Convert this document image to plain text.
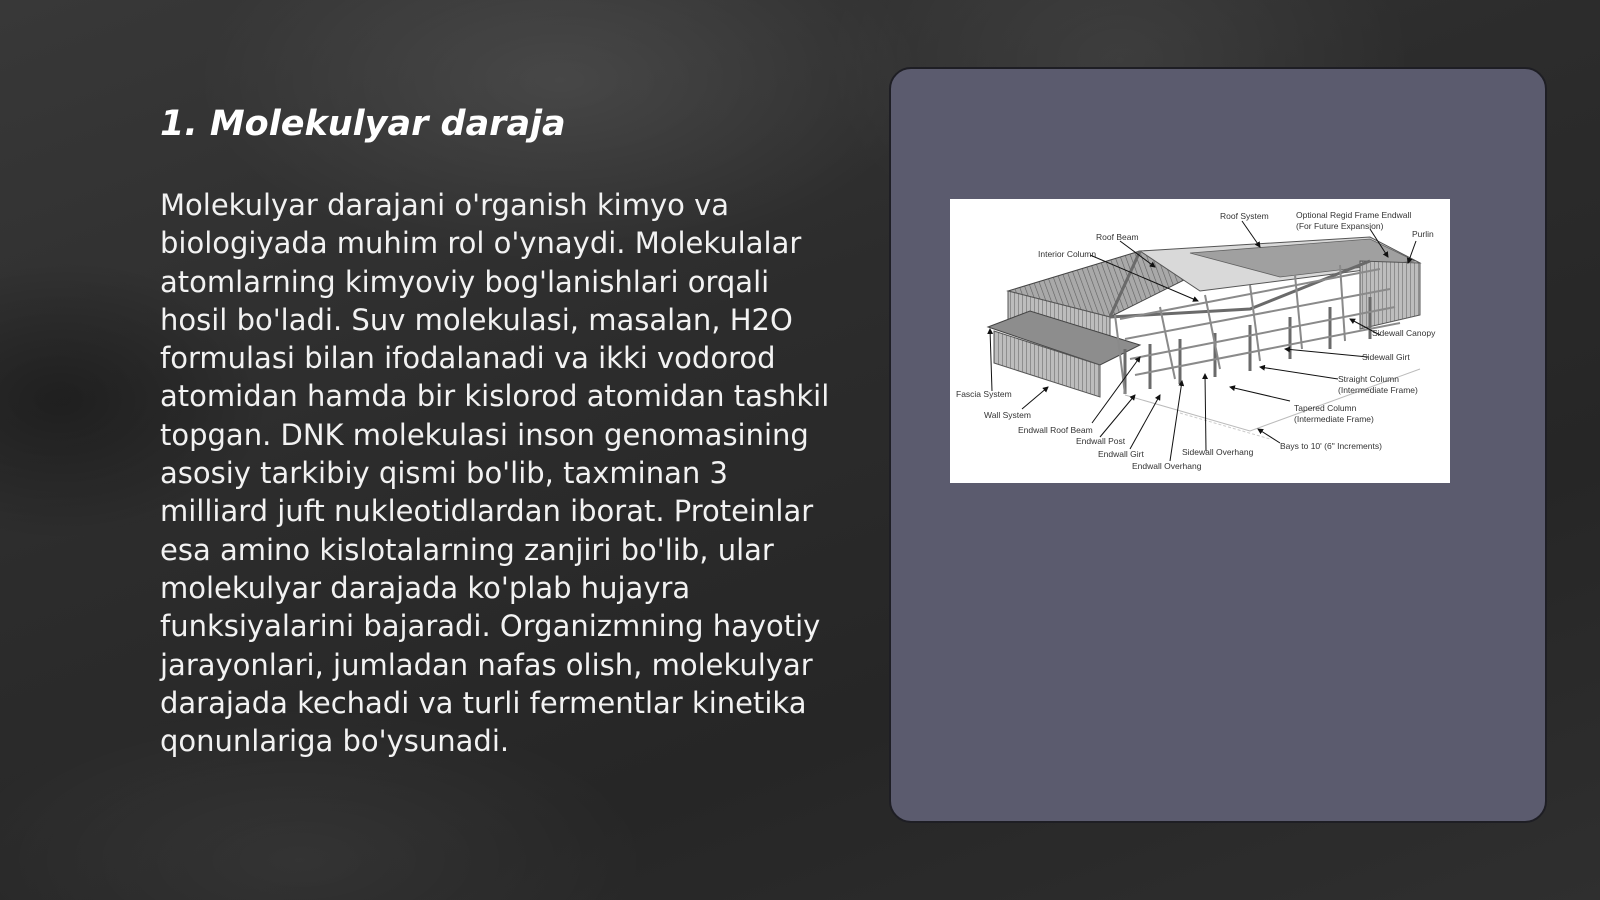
1. Molekulyar daraja

Molekulyar darajani o'rganish kimyo va biologiyada muhim rol o'ynaydi. Molekulalar atomlarning kimyoviy bog'lanishlari orqali hosil bo'ladi. Suv molekulasi, masalan, H2O formulasi bilan ifodalanadi va ikki vodorod atomidan hamda bir kislorod atomidan tashkil topgan. DNK molekulasi inson genomasining asosiy tarkibiy qismi bo'lib, taxminan 3 milliard juft nukleotidlardan iborat. Proteinlar esa amino kislotalarning zanjiri bo'lib, ular molekulyar darajada ko'plab hujayra funksiyalarini bajaradi. Organizmning hayotiy jarayonlari, jumladan nafas olish, molekulyar darajada kechadi va turli fermentlar kinetika qonunlariga bo'ysunadi.

Roof System	Optional Regid Frame Endwall
(For Future Expansion)
Purlin
Roof Beam
Interior Column
Sidewall Canopy
Sidewall Girt
Straight Column
(Intermediate Frame)
Tapered Column
(Intermediate Frame)
Bays to 10' (6" Increments)
Fascia System
Wall System
Endwall Roof Beam
Endwall Post
Endwall Girt	Sidewall Overhang
Endwall Overhang
